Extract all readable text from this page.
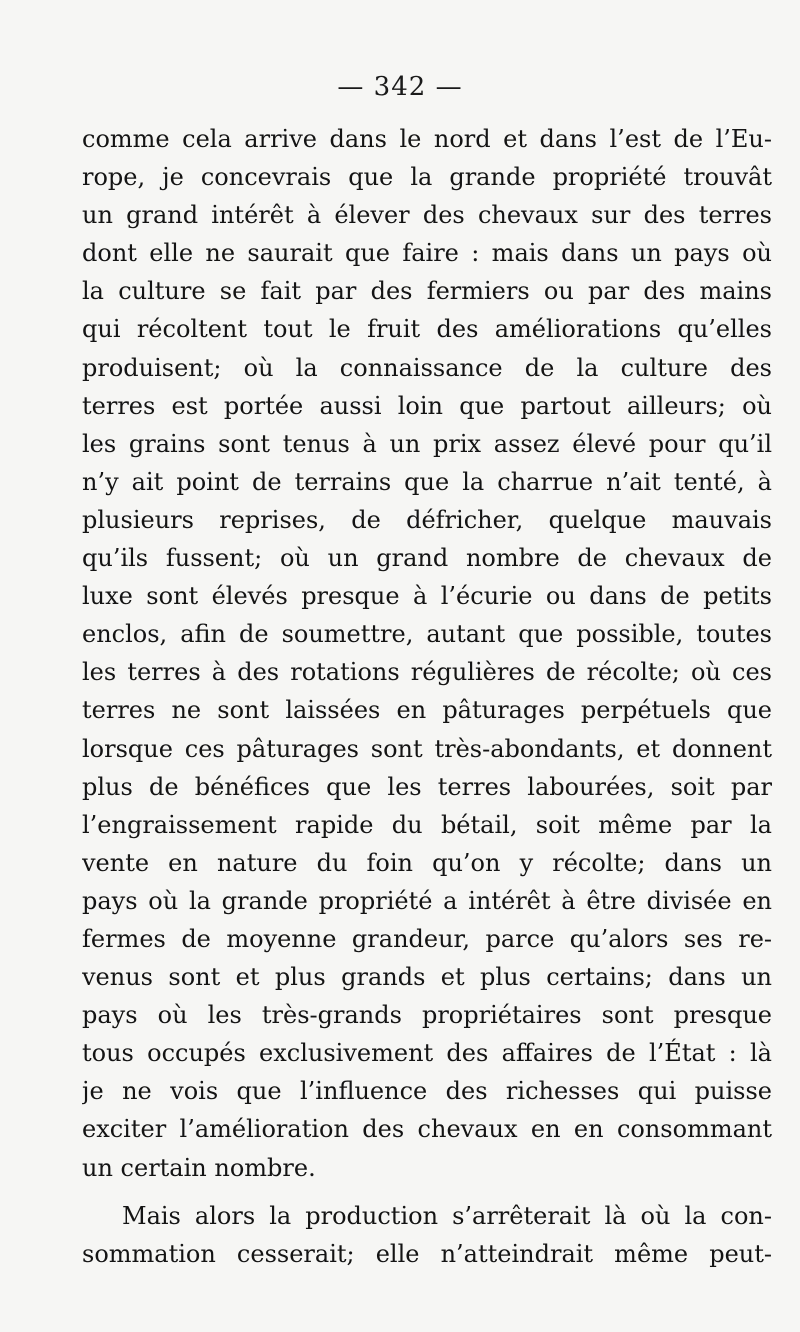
— 342 —
comme cela arrive dans le nord et dans l’est de l’Eu-
rope, je concevrais que la grande propriété trouvât
un grand intérêt à élever des chevaux sur des terres
dont elle ne saurait que faire : mais dans un pays où
la culture se fait par des fermiers ou par des mains
qui récoltent tout le fruit des améliorations qu’elles
produisent; où la connaissance de la culture des
terres est portée aussi loin que partout ailleurs; où
les grains sont tenus à un prix assez élevé pour qu’il
n’y ait point de terrains que la charrue n’ait tenté, à
plusieurs reprises, de défricher, quelque mauvais
qu’ils fussent; où un grand nombre de chevaux de
luxe sont élevés presque à l’écurie ou dans de petits
enclos, afin de soumettre, autant que possible, toutes
les terres à des rotations régulières de récolte; où ces
terres ne sont laissées en pâturages perpétuels que
lorsque ces pâturages sont très-abondants, et donnent
plus de bénéfices que les terres labourées, soit par
l’engraissement rapide du bétail, soit même par la
vente en nature du foin qu’on y récolte; dans un
pays où la grande propriété a intérêt à être divisée en
fermes de moyenne grandeur, parce qu’alors ses re-
venus sont et plus grands et plus certains; dans un
pays où les très-grands propriétaires sont presque
tous occupés exclusivement des affaires de l’État : là
je ne vois que l’influence des richesses qui puisse
exciter l’amélioration des chevaux en en consommant
un certain nombre.
Mais alors la production s’arrêterait là où la con-
sommation cesserait; elle n’atteindrait même peut-
